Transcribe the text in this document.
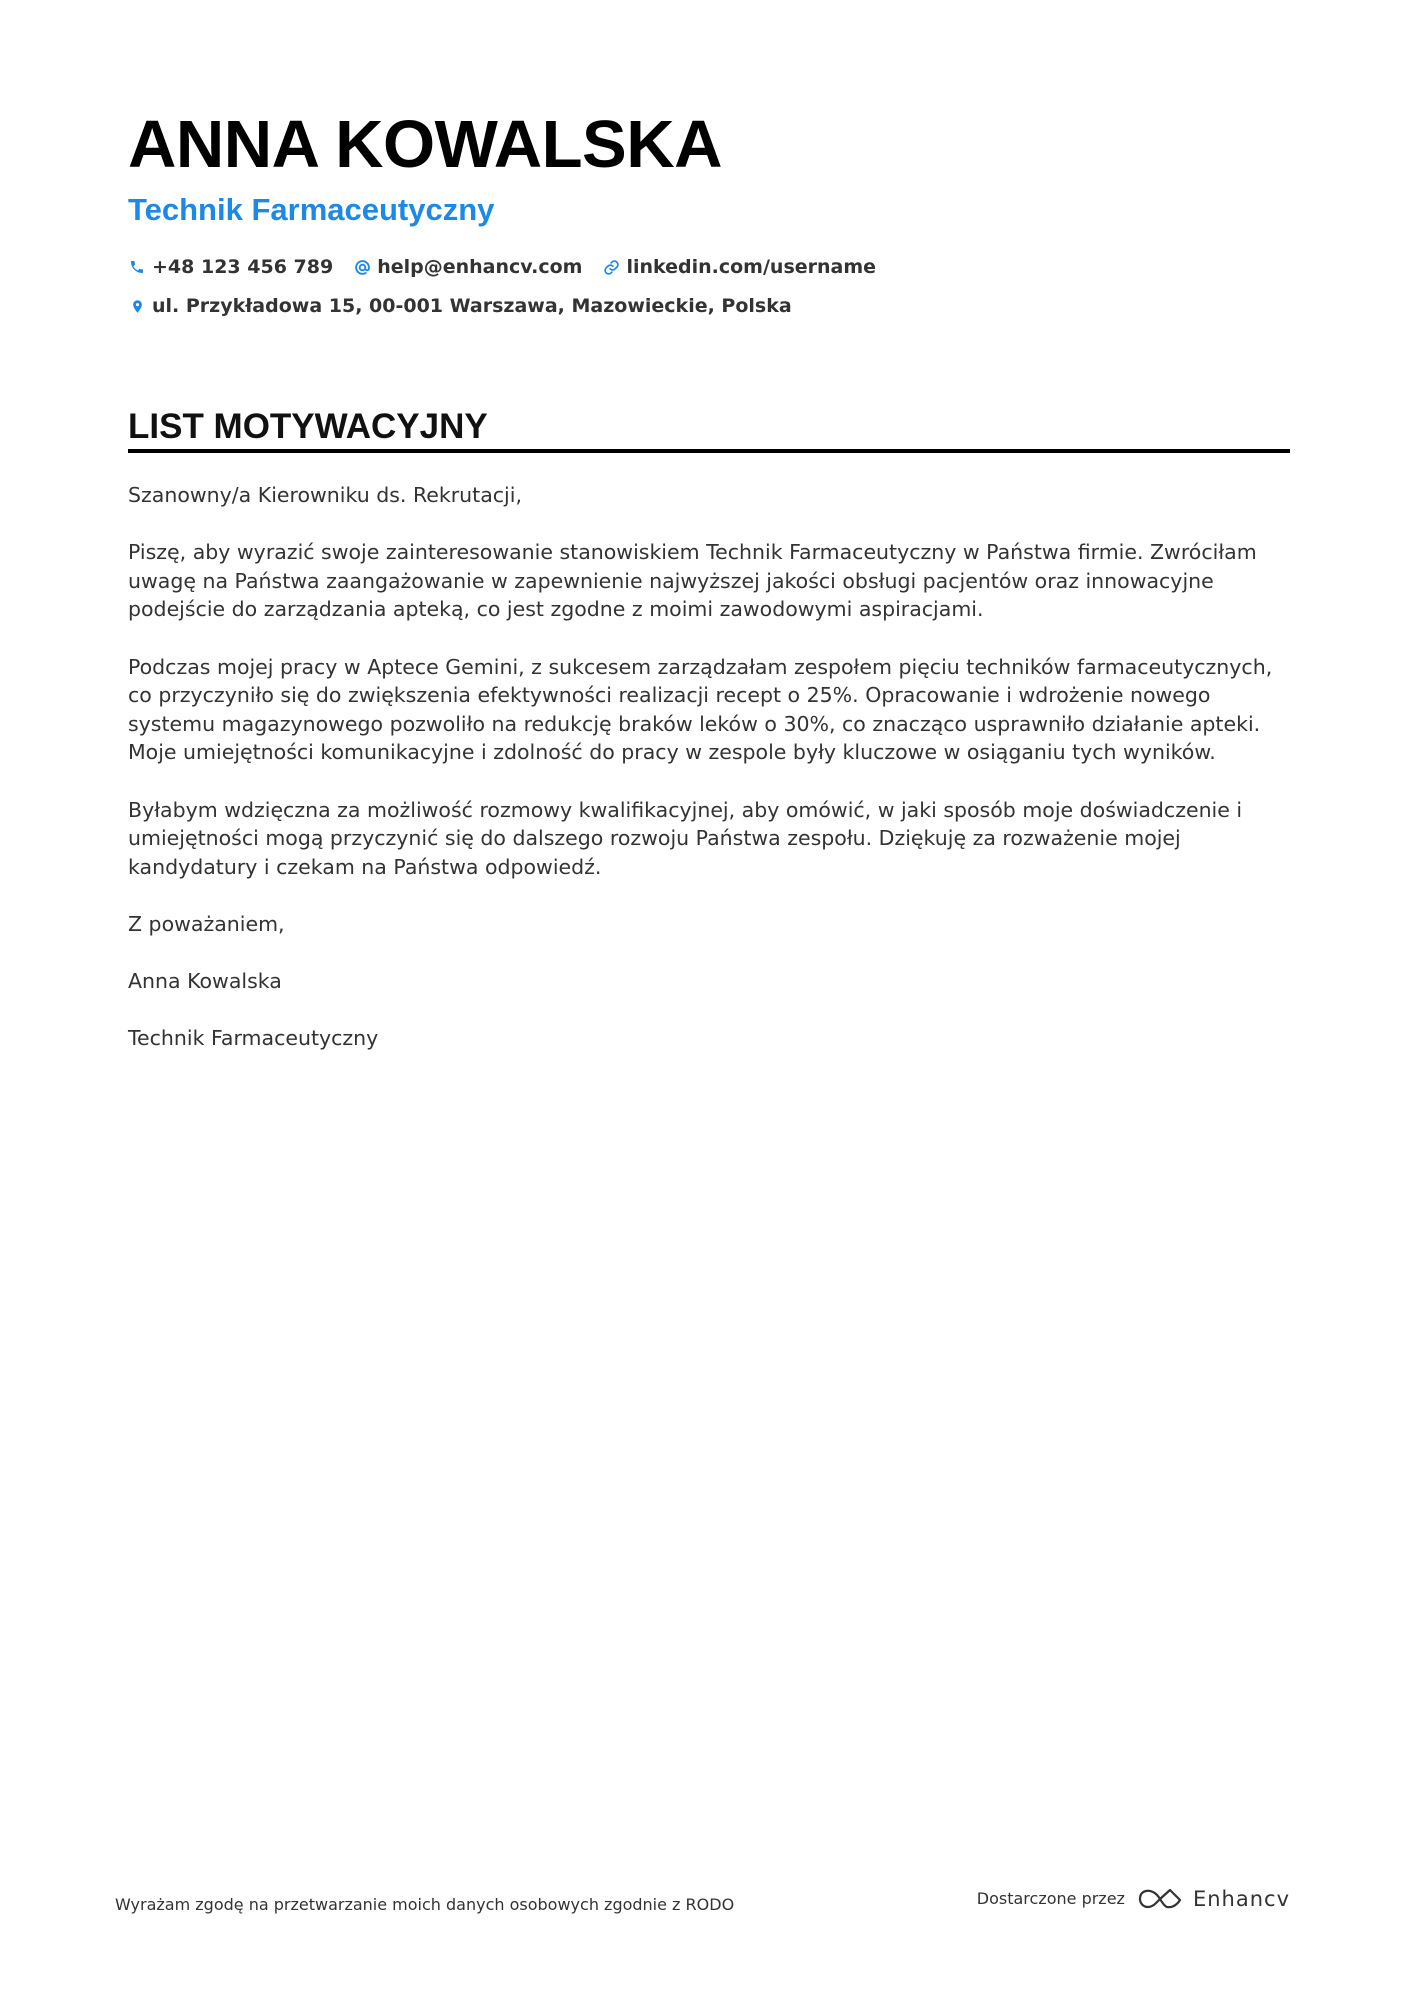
ANNA KOWALSKA
Technik Farmaceutyczny
+48 123 456 789 help@enhancv.com linkedin.com/username
ul. Przykładowa 15, 00-001 Warszawa, Mazowieckie, Polska
LIST MOTYWACYJNY

Szanowny/a Kierowniku ds. Rekrutacji,

Piszę, aby wyrazić swoje zainteresowanie stanowiskiem Technik Farmaceutyczny w Państwa firmie. Zwróciłam uwagę na Państwa zaangażowanie w zapewnienie najwyższej jakości obsługi pacjentów oraz innowacyjne podejście do zarządzania apteką, co jest zgodne z moimi zawodowymi aspiracjami.

Podczas mojej pracy w Aptece Gemini, z sukcesem zarządzałam zespołem pięciu techników farmaceutycznych, co przyczyniło się do zwiększenia efektywności realizacji recept o 25%. Opracowanie i wdrożenie nowego systemu magazynowego pozwoliło na redukcję braków leków o 30%, co znacząco usprawniło działanie apteki. Moje umiejętności komunikacyjne i zdolność do pracy w zespole były kluczowe w osiąganiu tych wyników.

Byłabym wdzięczna za możliwość rozmowy kwalifikacyjnej, aby omówić, w jaki sposób moje doświadczenie i umiejętności mogą przyczynić się do dalszego rozwoju Państwa zespołu. Dziękuję za rozważenie mojej kandydatury i czekam na Państwa odpowiedź.

Z poważaniem,

Anna Kowalska

Technik Farmaceutyczny

Wyrażam zgodę na przetwarzanie moich danych osobowych zgodnie z RODO	Dostarczone przez	Enhancv
